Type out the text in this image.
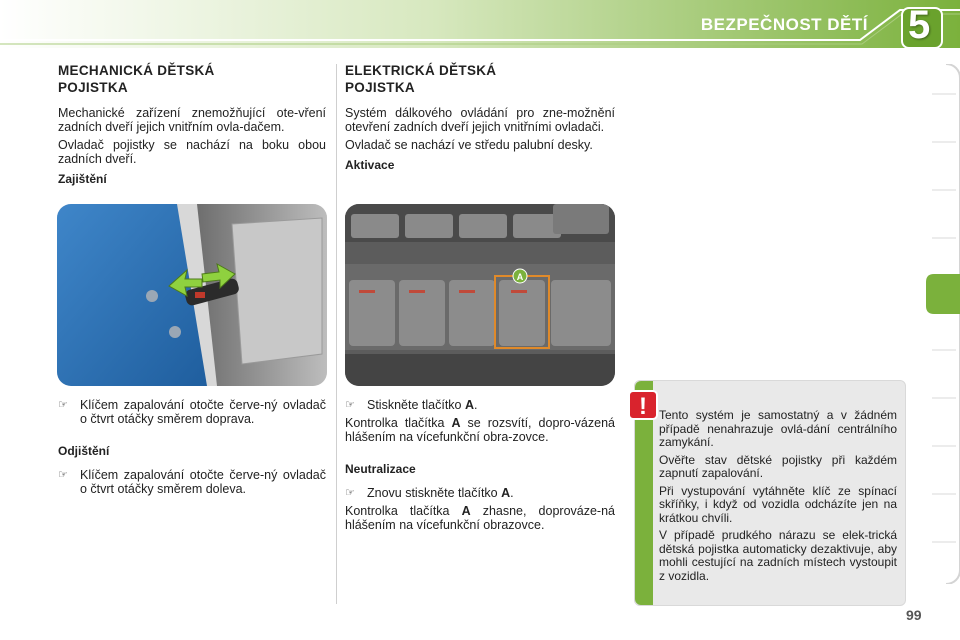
BEZPEČNOST DĚTÍ 5
MECHANICKÁ DĚTSKÁ
POJISTKA

Mechanické zařízení znemožňující ote-vření zadních dveří jejich vnitřním ovla-dačem.

Ovladač pojistky se nachází na boku obou zadních dveří.

Zajištění
☞ Klíčem zapalování otočte červe-ný ovladač o čtvrt otáčky směrem doprava.
Odjištění
☞ Klíčem zapalování otočte červe-ný ovladač o čtvrt otáčky směrem doleva.
ELEKTRICKÁ DĚTSKÁ
POJISTKA

Systém dálkového ovládání pro zne-možnění otevření zadních dveří jejich vnitřními ovladači.

Ovladač se nachází ve středu palubní desky.

Aktivace
A
☞ Stiskněte tlačítko A.

Kontrolka tlačítka A se rozsvítí, dopro-vázená hlášením na vícefunkční obra-zovce.

Neutralizace
☞ Znovu stiskněte tlačítko A.

Kontrolka tlačítka A zhasne, doprováze-ná hlášením na vícefunkční obrazovce.

Tento systém je samostatný a v žádném případě nenahrazuje ovlá-dání centrálního zamykání.

Ověřte stav dětské pojistky při každém zapnutí zapalování.

Při vystupování vytáhněte klíč ze spínací skříňky, i když od vozidla odcházíte jen na krátkou chvíli.

V případě prudkého nárazu se elek-trická dětská pojistka automaticky dezaktivuje, aby mohli cestující na zadních místech vystoupit z vozidla.

!
99
